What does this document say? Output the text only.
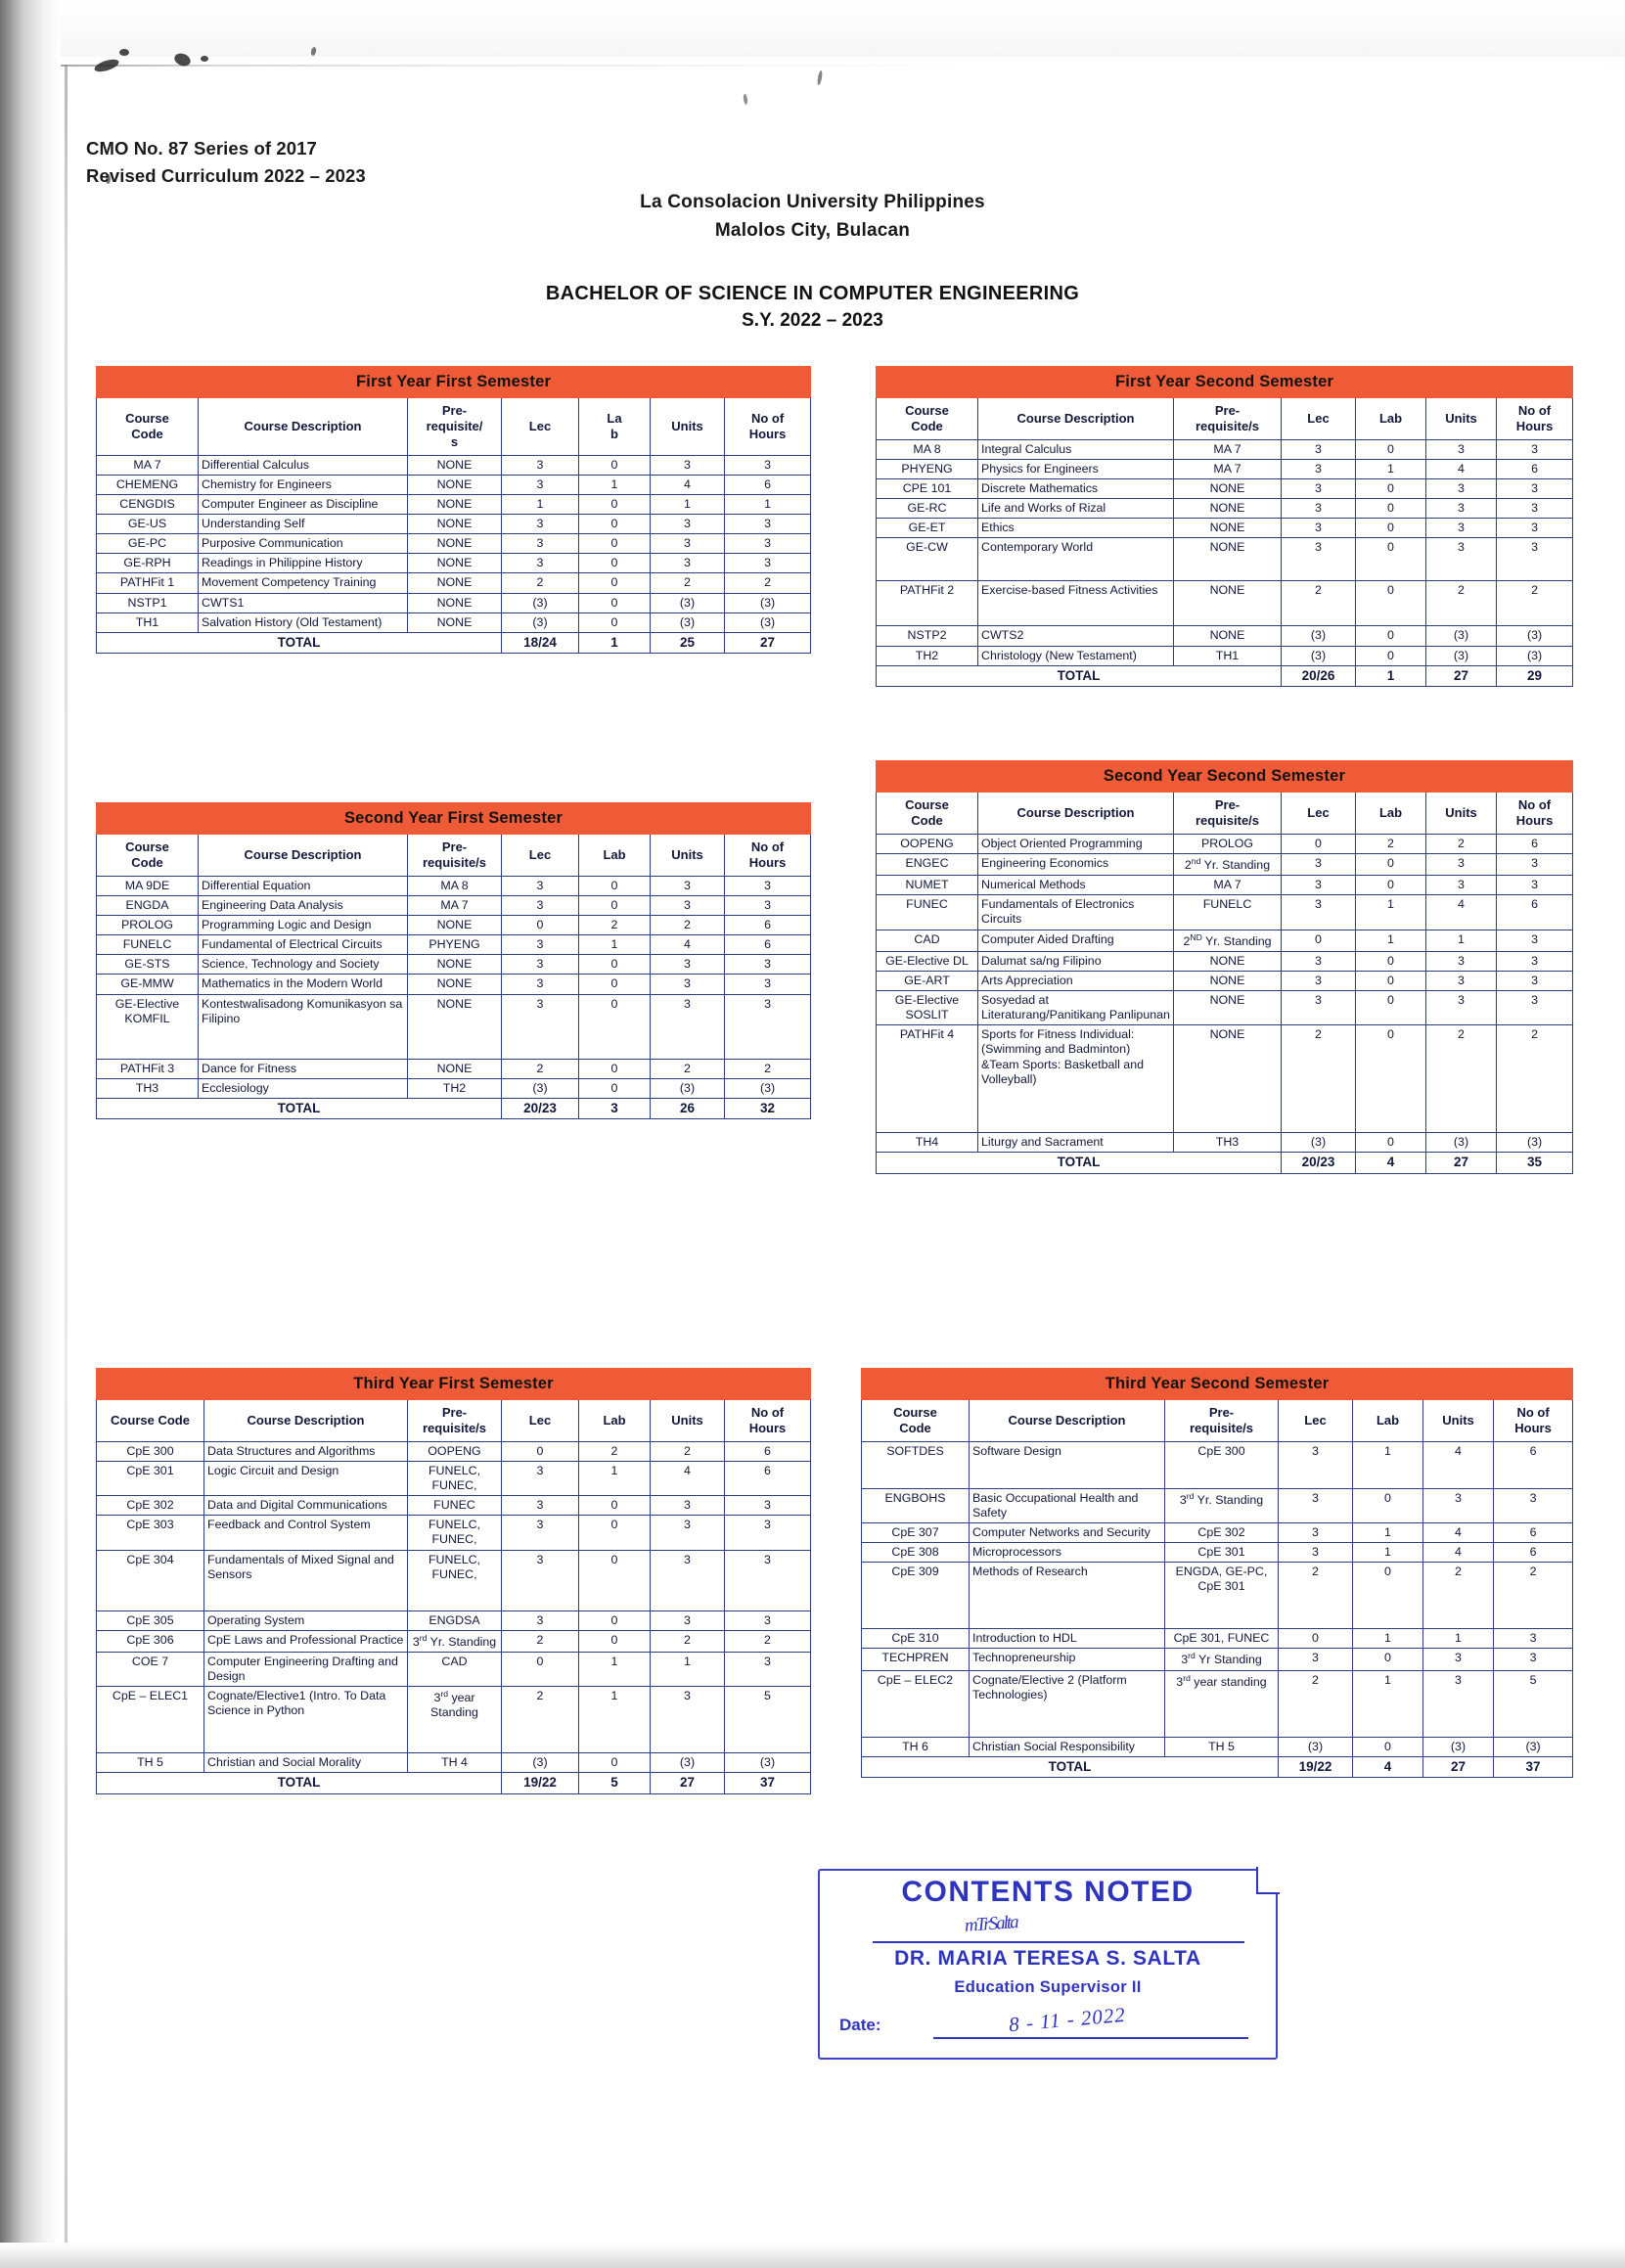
CMO No. 87 Series of 2017
Revised Curriculum 2022 – 2023
La Consolacion University Philippines
Malolos City, Bulacan
BACHELOR OF SCIENCE IN COMPUTER ENGINEERING
S.Y. 2022 – 2023
First Year First Semester						
Course
Code	Course Description	Pre-
requisite/
s	Lec	La
b	Units	No of
Hours
MA 7	Differential Calculus	NONE	3	0	3	3
CHEMENG	Chemistry for Engineers	NONE	3	1	4	6
CENGDIS	Computer Engineer as Discipline	NONE	1	0	1	1
GE-US	Understanding Self	NONE	3	0	3	3
GE-PC	Purposive Communication	NONE	3	0	3	3
GE-RPH	Readings in Philippine History	NONE	3	0	3	3
PATHFit 1	Movement Competency Training	NONE	2	0	2	2
NSTP1	CWTS1	NONE	(3)	0	(3)	(3)
TH1	Salvation History (Old Testament)	NONE	(3)	0	(3)	(3)
TOTAL			18/24	1	25	27
First Year Second Semester						
Course
Code	Course Description	Pre-
requisite/s	Lec	Lab	Units	No of
Hours
MA 8	Integral Calculus	MA 7	3	0	3	3
PHYENG	Physics for Engineers	MA 7	3	1	4	6
CPE 101	Discrete Mathematics	NONE	3	0	3	3
GE-RC	Life and Works of Rizal	NONE	3	0	3	3
GE-ET	Ethics	NONE	3	0	3	3
GE-CW	Contemporary World	NONE	3	0	3	3
PATHFit 2	Exercise-based Fitness Activities	NONE	2	0	2	2
NSTP2	CWTS2	NONE	(3)	0	(3)	(3)
TH2	Christology (New Testament)	TH1	(3)	0	(3)	(3)
TOTAL			20/26	1	27	29
Second Year First Semester						
Course
Code	Course Description	Pre-
requisite/s	Lec	Lab	Units	No of
Hours
MA 9DE	Differential Equation	MA 8	3	0	3	3
ENGDA	Engineering Data Analysis	MA 7	3	0	3	3
PROLOG	Programming Logic and Design	NONE	0	2	2	6
FUNELC	Fundamental of Electrical Circuits	PHYENG	3	1	4	6
GE-STS	Science, Technology and Society	NONE	3	0	3	3
GE-MMW	Mathematics in the Modern World	NONE	3	0	3	3
GE-Elective KOMFIL	Kontestwalisadong Komunikasyon sa Filipino	NONE	3	0	3	3
PATHFit 3	Dance for Fitness	NONE	2	0	2	2
TH3	Ecclesiology	TH2	(3)	0	(3)	(3)
TOTAL			20/23	3	26	32
Second Year Second Semester						
Course
Code	Course Description	Pre-
requisite/s	Lec	Lab	Units	No of
Hours
OOPENG	Object Oriented Programming	PROLOG	0	2	2	6
ENGEC	Engineering Economics	2nd Yr. Standing	3	0	3	3
NUMET	Numerical Methods	MA 7	3	0	3	3
FUNEC	Fundamentals of Electronics Circuits	FUNELC	3	1	4	6
CAD	Computer Aided Drafting	2ND Yr. Standing	0	1	1	3
GE-Elective DL	Dalumat sa/ng Filipino	NONE	3	0	3	3
GE-ART	Arts Appreciation	NONE	3	0	3	3
GE-Elective SOSLIT	Sosyedad at Literaturang/Panitikang Panlipunan	NONE	3	0	3	3
PATHFit 4	Sports for Fitness Individual: (Swimming and Badminton) &Team Sports: Basketball and Volleyball)	NONE	2	0	2	2
TH4	Liturgy and Sacrament	TH3	(3)	0	(3)	(3)
TOTAL			20/23	4	27	35
Third Year First Semester						
Course Code	Course Description	Pre-
requisite/s	Lec	Lab	Units	No of
Hours
CpE 300	Data Structures and Algorithms	OOPENG	0	2	2	6
CpE 301	Logic Circuit and Design	FUNELC, FUNEC,	3	1	4	6
CpE 302	Data and Digital Communications	FUNEC	3	0	3	3
CpE 303	Feedback and Control System	FUNELC, FUNEC,	3	0	3	3
CpE 304	Fundamentals of Mixed Signal and Sensors	FUNELC, FUNEC,	3	0	3	3
CpE 305	Operating System	ENGDSA	3	0	3	3
CpE 306	CpE Laws and Professional Practice	3rd Yr. Standing	2	0	2	2
COE 7	Computer Engineering Drafting and Design	CAD	0	1	1	3
CpE – ELEC1	Cognate/Elective1 (Intro. To Data Science in Python	3rd year Standing	2	1	3	5
TH 5	Christian and Social Morality	TH 4	(3)	0	(3)	(3)
TOTAL			19/22	5	27	37
Third Year Second Semester						
Course
Code	Course Description	Pre-
requisite/s	Lec	Lab	Units	No of
Hours
SOFTDES	Software Design	CpE 300	3	1	4	6
ENGBOHS	Basic Occupational Health and Safety	3rd Yr. Standing	3	0	3	3
CpE 307	Computer Networks and Security	CpE 302	3	1	4	6
CpE 308	Microprocessors	CpE 301	3	1	4	6
CpE 309	Methods of Research	ENGDA, GE-PC, CpE 301	2	0	2	2
CpE 310	Introduction to HDL	CpE 301, FUNEC	0	1	1	3
TECHPREN	Technopreneurship	3rd Yr Standing	3	0	3	3
CpE – ELEC2	Cognate/Elective 2 (Platform Technologies)	3rd year standing	2	1	3	5
TH 6	Christian Social Responsibility	TH 5	(3)	0	(3)	(3)
TOTAL			19/22	4	27	37
CONTENTS NOTED
mTrSalta
DR. MARIA TERESA S. SALTA
Education Supervisor II
Date:	8 - 11 - 2022
